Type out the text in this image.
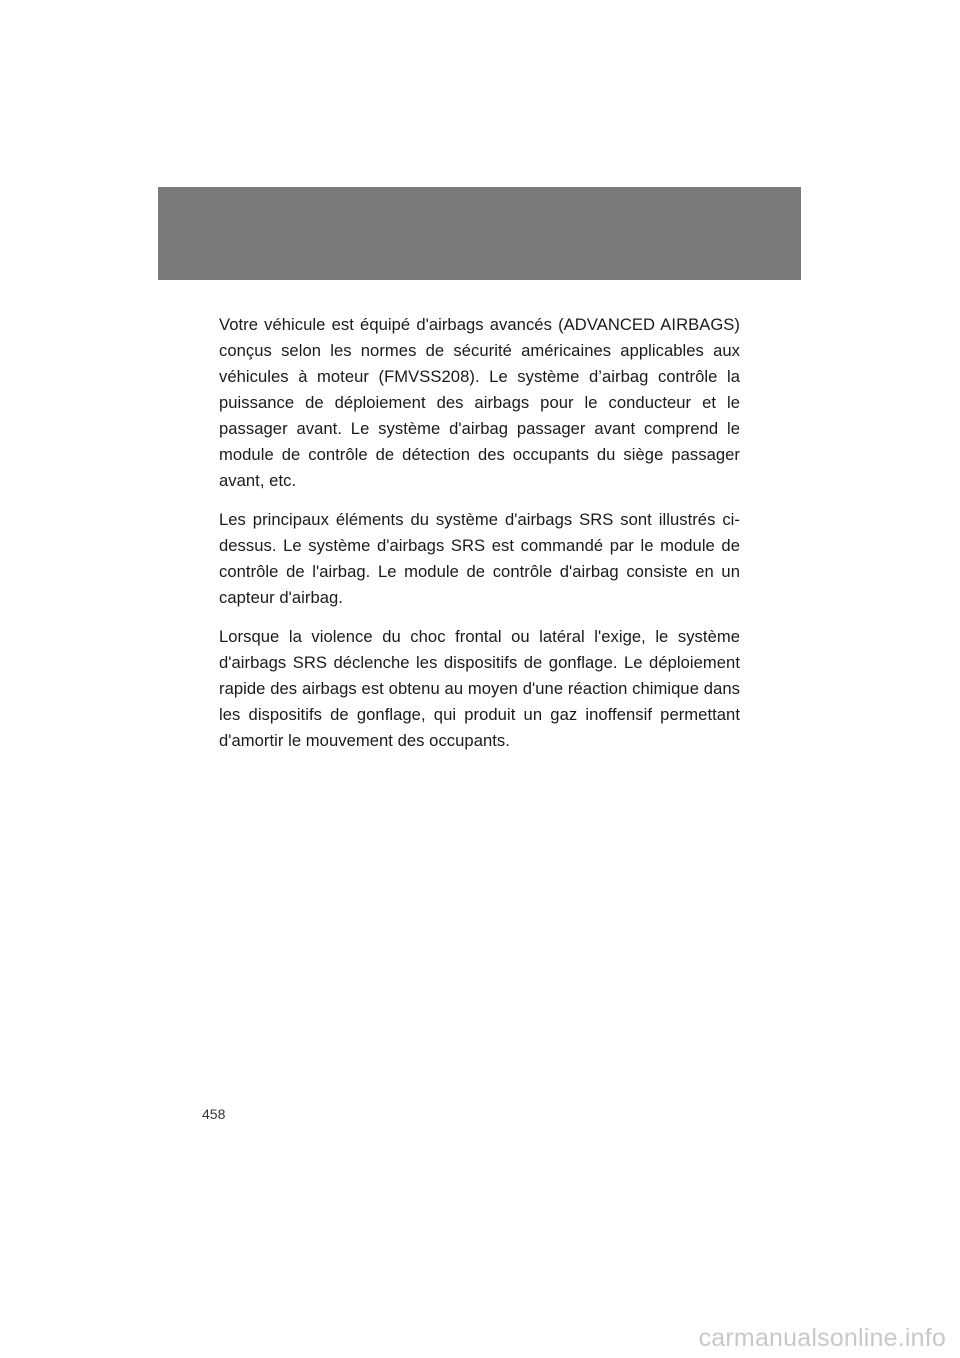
Votre véhicule est équipé d'airbags avancés (ADVANCED AIRBAGS) conçus selon les normes de sécurité américaines applicables aux véhicules à moteur (FMVSS208). Le système d’airbag contrôle la puissance de déploiement des airbags pour le conducteur et le passager avant. Le système d'airbag passager avant comprend le module de contrôle de détection des occupants du siège passager avant, etc.

Les principaux éléments du système d'airbags SRS sont illustrés ci-dessus. Le système d'airbags SRS est commandé par le module de contrôle de l'airbag. Le module de contrôle d'airbag consiste en un capteur d'airbag.

Lorsque la violence du choc frontal ou latéral l'exige, le système d'airbags SRS déclenche les dispositifs de gonflage. Le déploiement rapide des airbags est obtenu au moyen d'une réaction chimique dans les dispositifs de gonflage, qui produit un gaz inoffensif permettant d'amortir le mouvement des occupants.

458
carmanualsonline.info
